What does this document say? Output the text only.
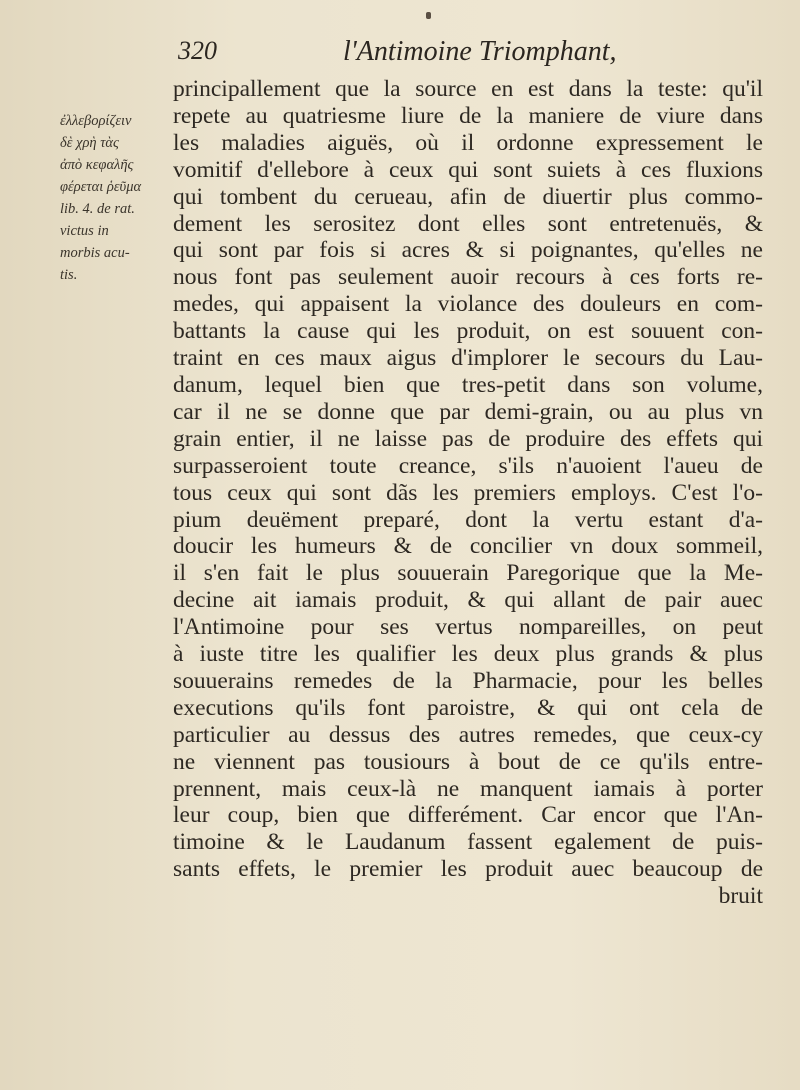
320	l'Antimoine Triomphant,
ἐλλεβορίζειν
δὲ χρὴ τὰς
ἀπὸ κεφαλῆς
φέρεται ῥεῦμα
lib. 4. de rat.
victus in
morbis acu-
tis.
principallement que la source en est dans la teste: qu'il
repete au quatriesme liure de la maniere de viure dans
les maladies aiguës, où il ordonne expressement le
vomitif d'ellebore à ceux qui sont suiets à ces fluxions
qui tombent du cerueau, afin de diuertir plus commo-
dement les serositez dont elles sont entretenuës, &
qui sont par fois si acres & si poignantes, qu'elles ne
nous font pas seulement auoir recours à ces forts re-
medes, qui appaisent la violance des douleurs en com-
battants la cause qui les produit, on est souuent con-
traint en ces maux aigus d'implorer le secours du Lau-
danum, lequel bien que tres-petit dans son volume,
car il ne se donne que par demi-grain, ou au plus vn
grain entier, il ne laisse pas de produire des effets qui
surpasseroient toute creance, s'ils n'auoient l'aueu de
tous ceux qui sont dãs les premiers employs. C'est l'o-
pium deuëment preparé, dont la vertu estant d'a-
doucir les humeurs & de concilier vn doux sommeil,
il s'en fait le plus souuerain Paregorique que la Me-
decine ait iamais produit, & qui allant de pair auec
l'Antimoine pour ses vertus nompareilles, on peut
à iuste titre les qualifier les deux plus grands & plus
souuerains remedes de la Pharmacie, pour les belles
executions qu'ils font paroistre, & qui ont cela de
particulier au dessus des autres remedes, que ceux-cy
ne viennent pas tousiours à bout de ce qu'ils entre-
prennent, mais ceux-là ne manquent iamais à porter
leur coup, bien que differément. Car encor que l'An-
timoine & le Laudanum fassent egalement de puis-
sants effets, le premier les produit auec beaucoup de
bruit
